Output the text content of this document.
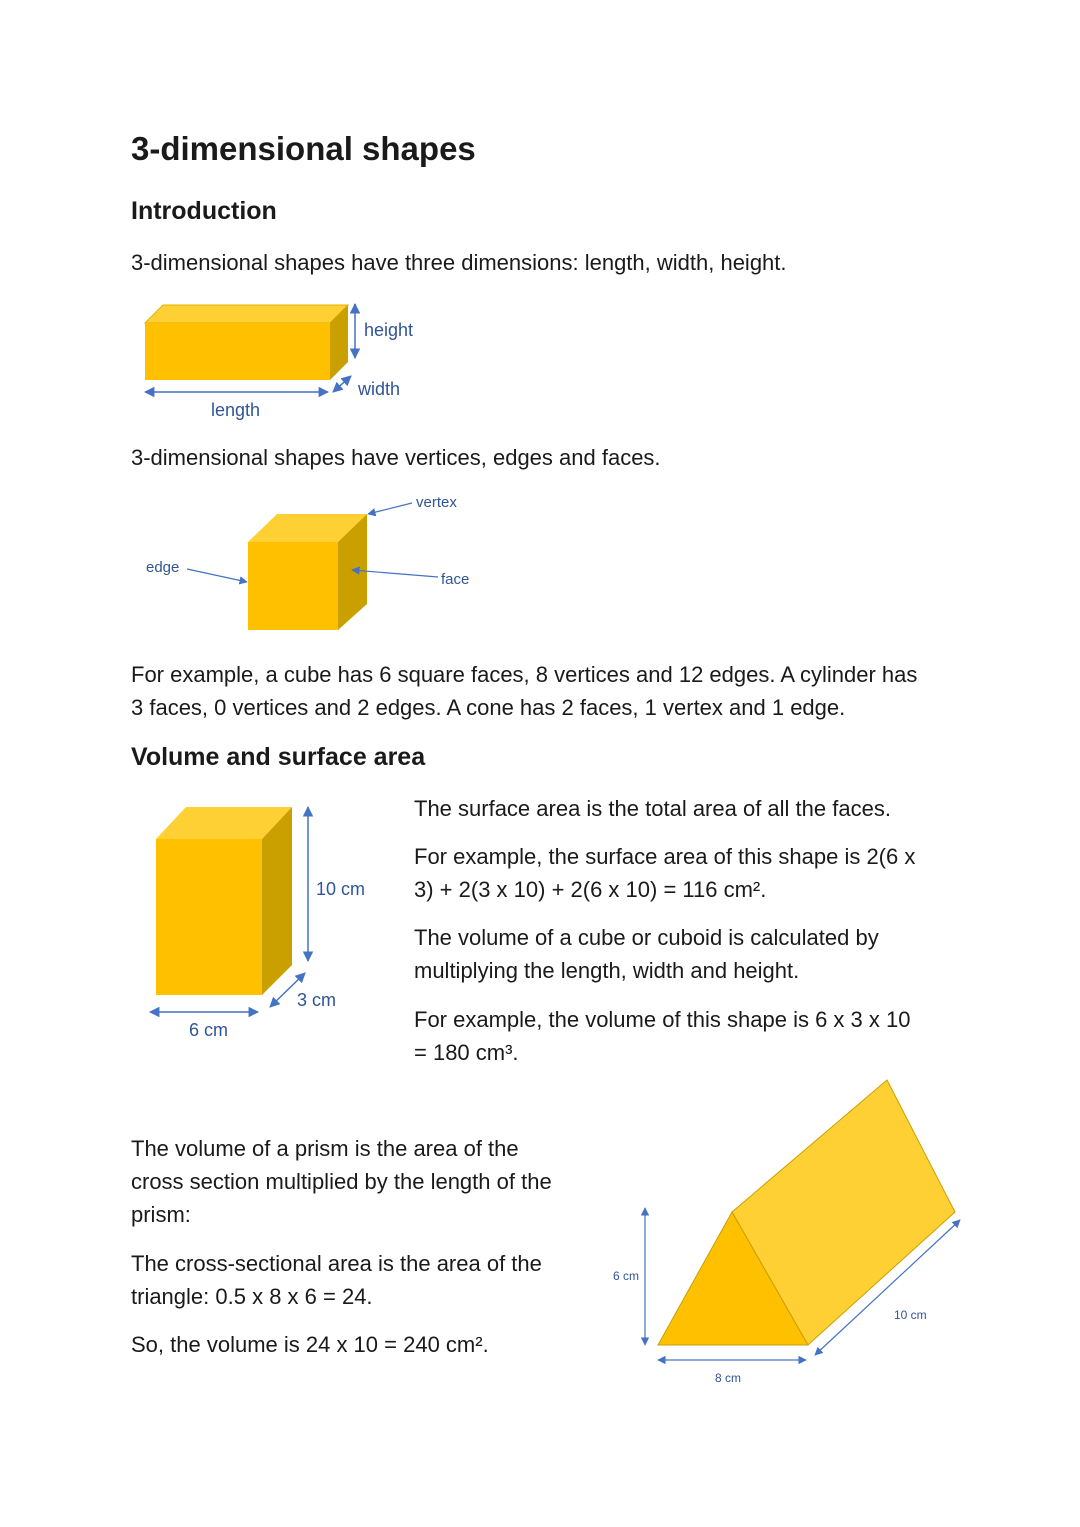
3-dimensional shapes
Introduction

3-dimensional shapes have three dimensions: length, width, height.

height
width
length

3-dimensional shapes have vertices, edges and faces.

vertex
edge
face

For example, a cube has 6 square faces, 8 vertices and 12 edges. A cylinder has

3 faces, 0 vertices and 2 edges. A cone has 2 faces, 1 vertex and 1 edge.

Volume and surface area
10 cm
3 cm
6 cm

The surface area is the total area of all the faces.

For example, the surface area of this shape is 2(6 x

3) + 2(3 x 10) + 2(6 x 10) = 116 cm².

The volume of a cube or cuboid is calculated by

multiplying the length, width and height.

For example, the volume of this shape is 6 x 3 x 10

= 180 cm³.

The volume of a prism is the area of the

cross section multiplied by the length of the

prism:

The cross-sectional area is the area of the

triangle: 0.5 x 8 x 6 = 24.

So, the volume is 24 x 10 = 240 cm².

6 cm
8 cm
10 cm
